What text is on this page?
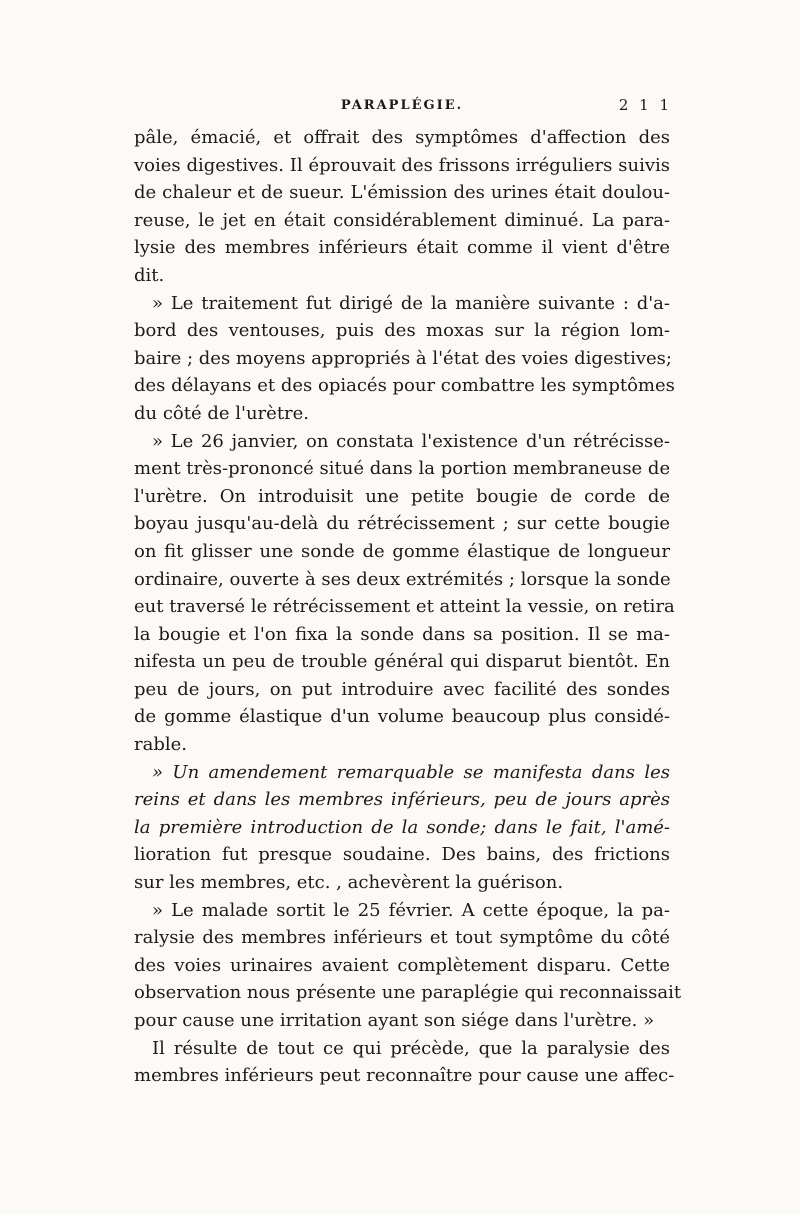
PARAPLÉGIE.	2 1 1
pâle, émacié, et offrait des symptômes d'affection des
voies digestives. Il éprouvait des frissons irréguliers suivis
de chaleur et de sueur. L'émission des urines était doulou-
reuse, le jet en était considérablement diminué. La para-
lysie des membres inférieurs était comme il vient d'être
dit.
» Le traitement fut dirigé de la manière suivante : d'a-
bord des ventouses, puis des moxas sur la région lom-
baire ; des moyens appropriés à l'état des voies digestives;
des délayans et des opiacés pour combattre les symptômes
du côté de l'urètre.
» Le 26 janvier, on constata l'existence d'un rétrécisse-
ment très-prononcé situé dans la portion membraneuse de
l'urètre. On introduisit une petite bougie de corde de
boyau jusqu'au-delà du rétrécissement ; sur cette bougie
on fit glisser une sonde de gomme élastique de longueur
ordinaire, ouverte à ses deux extrémités ; lorsque la sonde
eut traversé le rétrécissement et atteint la vessie, on retira
la bougie et l'on fixa la sonde dans sa position. Il se ma-
nifesta un peu de trouble général qui disparut bientôt. En
peu de jours, on put introduire avec facilité des sondes
de gomme élastique d'un volume beaucoup plus considé-
rable.
» Un amendement remarquable se manifesta dans les
reins et dans les membres inférieurs, peu de jours après
la première introduction de la sonde; dans le fait, l'amé-
lioration fut presque soudaine. Des bains, des frictions
sur les membres, etc. , achevèrent la guérison.
» Le malade sortit le 25 février. A cette époque, la pa-
ralysie des membres inférieurs et tout symptôme du côté
des voies urinaires avaient complètement disparu. Cette
observation nous présente une paraplégie qui reconnaissait
pour cause une irritation ayant son siége dans l'urètre. »
Il résulte de tout ce qui précède, que la paralysie des
membres inférieurs peut reconnaître pour cause une affec-
